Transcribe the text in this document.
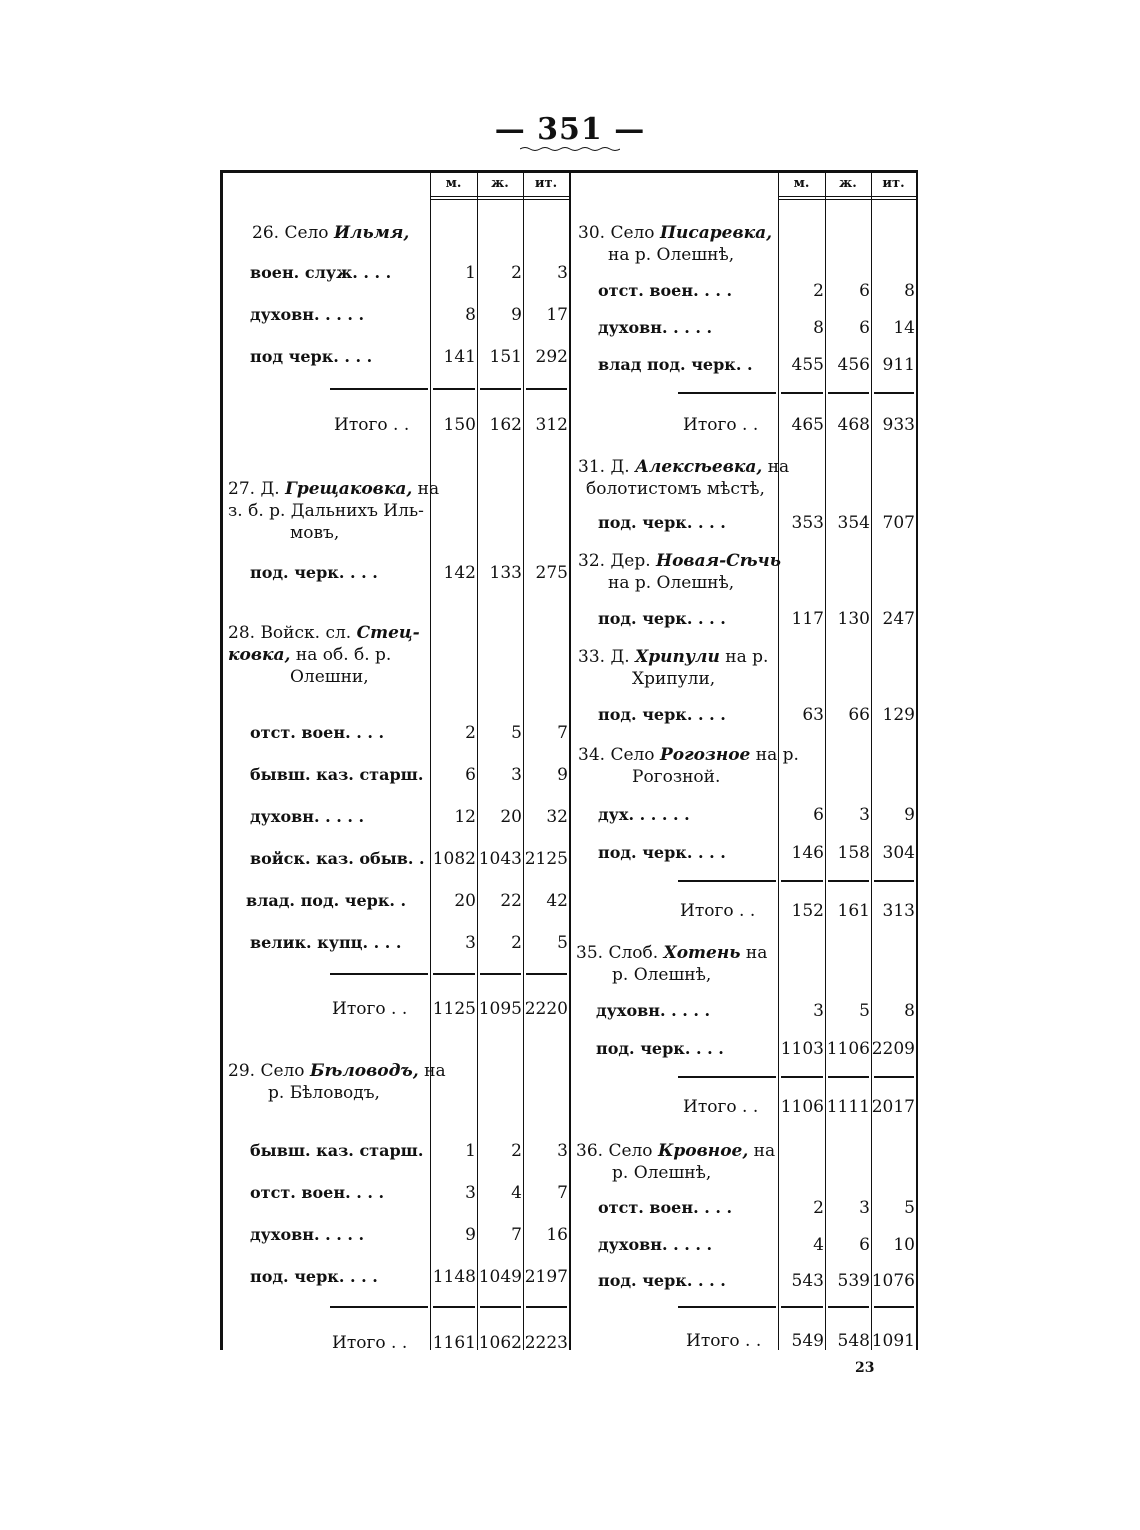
— 351 —
м.	ж.	ит.	м.	ж.	ит.
26. Село Ильмя,
воен. служ. . . .	1	2	3
духовн. . . . .	8	9	17
под черк. . . .	141 151 292
Итого . .	150 162 312
27. Д. Грещаковка, на
з. б. р. Дальнихъ Иль-
мовъ,
под. черк. . . .	142 133 275
28. Войск. сл. Стец-
ковка, на об. б. р.
Олешни,
отст. воен. . . .	2	5	7
бывш. каз. старш.	6	3	9
духовн. . . . .	12	20	32
войск. каз. обыв. . 1082 1043 2125
влад. под. черк. .	20	22	42
велик. купц. . . .	3	2	5
Итого . . 1125 1095 2220
29. Село Бѣловодъ, на
р. Бѣловодъ,
бывш. каз. старш.	1	2	3
отст. воен. . . .	3	4	7
духовн. . . . .	9	7	16
под. черк. . . .	1148 1049 2197
Итого . . 1161 1062 2223
30. Село Писаревка,
на р. Олешнѣ,
отст. воен. . . .	2	6	8
духовн. . . . .	8	6	14
влад под. черк. .	455 456 911
Итого . .	465 468 933
31. Д. Алексѣевка, на
болотистомъ мѣстѣ,
под. черк. . . .	353 354 707
32. Дер. Новая-Сѣчь
на р. Олешнѣ,
под. черк. . . .	117 130 247
33. Д. Хрипули на р.
Хрипули,
под. черк. . . .	63	66 129
34. Село Рогозное на р.
Рогозной.
дух. . . . . .	6	3	9
под. черк. . . .	146 158 304
Итого . .	152 161 313
35. Слоб. Хотень на
р. Олешнѣ,
духовн. . . . .	3	5	8
под. черк. . . .	1103 1106 2209
Итого . . 1106 1111 2017
36. Село Кровное, на
р. Олешнѣ,
отст. воен. . . .	2	3	5
духовн. . . . .	4	6	10
под. черк. . . .	543 539 1076
Итого . .	549 548 1091
23
